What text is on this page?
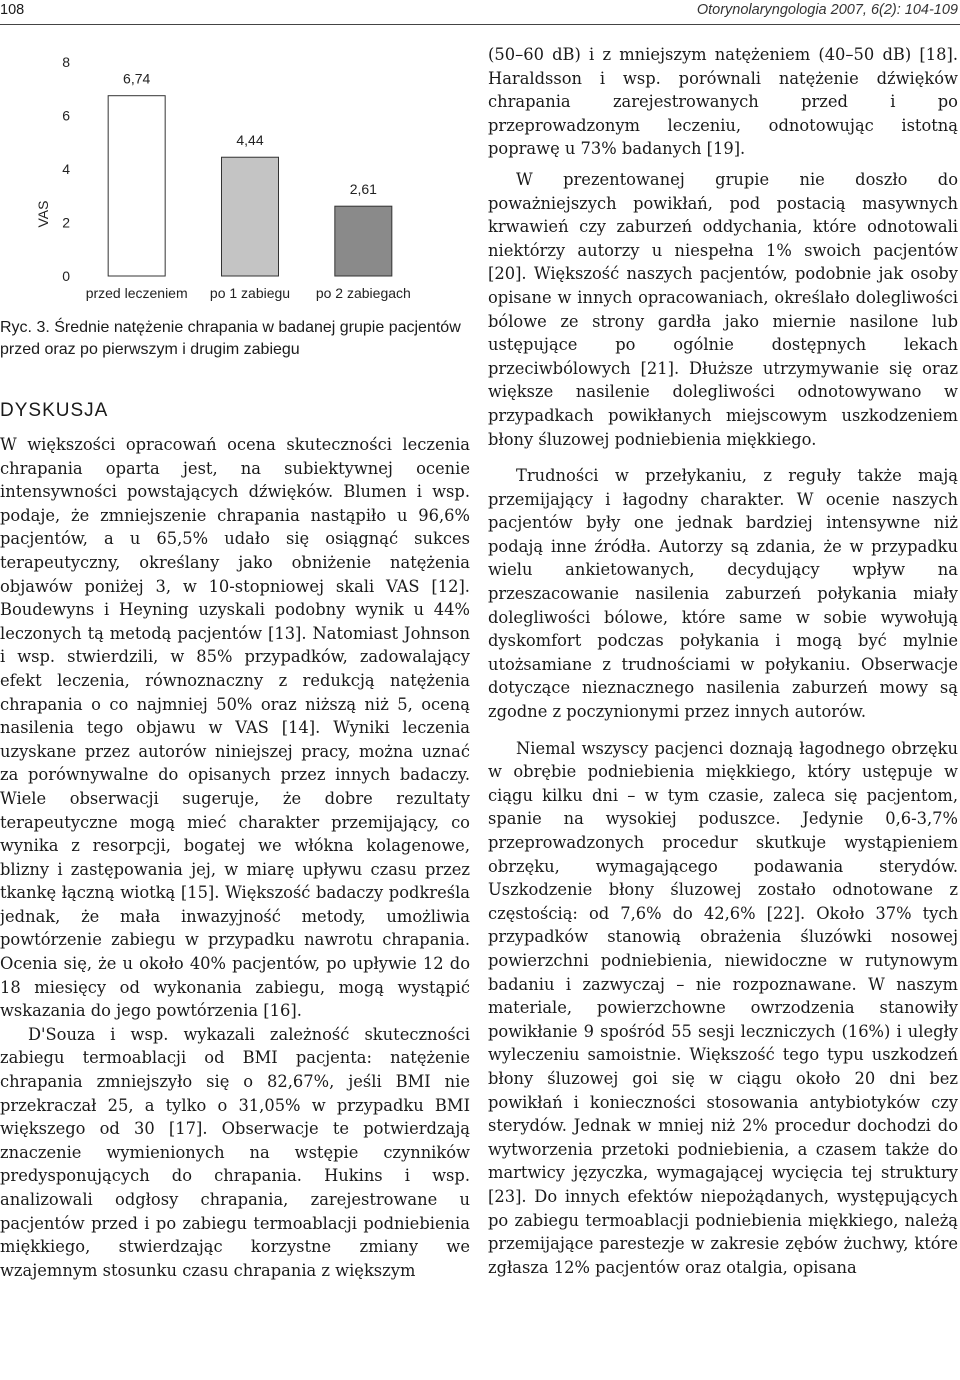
108	Otorynolaryngologia 2007, 6(2): 104-109
0
2
4
6
8
VAS
6,74
przed leczeniem
4,44
po 1 zabiegu
2,61
po 2 zabiegach
Ryc. 3. Średnie natężenie chrapania w badanej grupie pacjentów przed oraz po pierwszym i drugim zabiegu
DYSKUSJA

W większości opracowań ocena skuteczności leczenia chrapania oparta jest, na subiektywnej ocenie intensywności powstających dźwięków. Blumen i wsp. podaje, że zmniejszenie chrapania nastąpiło u 96,6% pacjentów, a u 65,5% udało się osiągnąć sukces terapeutyczny, określany jako obniżenie natężenia objawów poniżej 3, w 10-stopniowej skali VAS [12]. Boudewyns i Heyning uzyskali podobny wynik u 44% leczonych tą metodą pacjentów [13]. Natomiast Johnson i wsp. stwierdzili, w 85% przypadków, zadowalający efekt leczenia, równoznaczny z redukcją natężenia chrapania o co najmniej 50% oraz niższą niż 5, oceną nasilenia tego objawu w VAS [14]. Wyniki leczenia uzyskane przez autorów niniejszej pracy, można uznać za porównywalne do opisanych przez innych badaczy. Wiele obserwacji sugeruje, że dobre rezultaty terapeutyczne mogą mieć charakter przemijający, co wynika z resorpcji, bogatej we włókna kolagenowe, blizny i zastępowania jej, w miarę upływu czasu przez tkankę łączną wiotką [15]. Większość badaczy podkreśla jednak, że mała inwazyjność metody, umożliwia powtórzenie zabiegu w przypadku nawrotu chrapania. Ocenia się, że u około 40% pacjentów, po upływie 12 do 18 miesięcy od wykonania zabiegu, mogą wystąpić wskazania do jego powtórzenia [16].

D'Souza i wsp. wykazali zależność skuteczności zabiegu termoablacji od BMI pacjenta: natężenie chrapania zmniejszyło się o 82,67%, jeśli BMI nie przekraczał 25, a tylko o 31,05% w przypadku BMI większego od 30 [17]. Obserwacje te potwierdzają znaczenie wymienionych na wstępie czynników predysponujących do chrapania. Hukins i wsp. analizowali odgłosy chrapania, zarejestrowane u pacjentów przed i po zabiegu termoablacji podniebienia miękkiego, stwierdzając korzystne zmiany we wzajemnym stosunku czasu chrapania z większym

(50–60 dB) i z mniejszym natężeniem (40–50 dB) [18]. Haraldsson i wsp. porównali natężenie dźwięków chrapania zarejestrowanych przed i po przeprowadzonym leczeniu, odnotowując istotną poprawę u 73% badanych [19].

W prezentowanej grupie nie doszło do poważniejszych powikłań, pod postacią masywnych krwawień czy zaburzeń oddychania, które odnotowali niektórzy autorzy u niespełna 1% swoich pacjentów [20]. Większość naszych pacjentów, podobnie jak osoby opisane w innych opracowaniach, określało dolegliwości bólowe ze strony gardła jako miernie nasilone lub ustępujące po ogólnie dostępnych lekach przeciwbólowych [21]. Dłuższe utrzymywanie się oraz większe nasilenie dolegliwości odnotowywano w przypadkach powikłanych miejscowym uszkodzeniem błony śluzowej podniebienia miękkiego.

Trudności w przełykaniu, z reguły także mają przemijający i łagodny charakter. W ocenie naszych pacjentów były one jednak bardziej intensywne niż podają inne źródła. Autorzy są zdania, że w przypadku wielu ankietowanych, decydujący wpływ na przeszacowanie nasilenia zaburzeń połykania miały dolegliwości bólowe, które same w sobie wywołują dyskomfort podczas połykania i mogą być mylnie utożsamiane z trudnościami w połykaniu. Obserwacje dotyczące nieznacznego nasilenia zaburzeń mowy są zgodne z poczynionymi przez innych autorów.

Niemal wszyscy pacjenci doznają łagodnego obrzęku w obrębie podniebienia miękkiego, który ustępuje w ciągu kilku dni – w tym czasie, zaleca się pacjentom, spanie na wysokiej poduszce. Jedynie 0,6-3,7% przeprowadzonych procedur skutkuje wystąpieniem obrzęku, wymagającego podawania sterydów. Uszkodzenie błony śluzowej zostało odnotowane z częstością: od 7,6% do 42,6% [22]. Około 37% tych przypadków stanowią obrażenia śluzówki nosowej powierzchni podniebienia, niewidoczne w rutynowym badaniu i zazwyczaj – nie rozpoznawane. W naszym materiale, powierzchowne owrzodzenia stanowiły powikłanie 9 spośród 55 sesji leczniczych (16%) i uległy wyleczeniu samoistnie. Większość tego typu uszkodzeń błony śluzowej goi się w ciągu około 20 dni bez powikłań i konieczności stosowania antybiotyków czy sterydów. Jednak w mniej niż 2% procedur dochodzi do wytworzenia przetoki podniebienia, a czasem także do martwicy języczka, wymagającej wycięcia tej struktury [23]. Do innych efektów niepożądanych, występujących po zabiegu termoablacji podniebienia miękkiego, należą przemijające parestezje w zakresie zębów żuchwy, które zgłasza 12% pacjentów oraz otalgia, opisana
